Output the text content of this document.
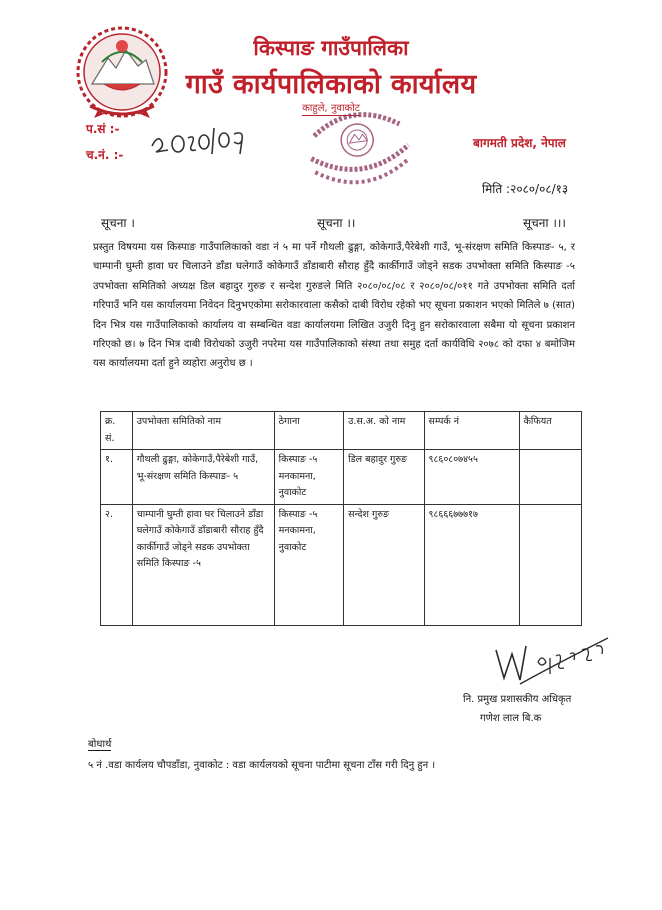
किस्पाङ गाउँपालिका
गाउँ कार्यपालिकाको कार्यालय
काहुले, नुवाकोट
प.सं :-
च.नं. :-
बागमती प्रदेश, नेपाल
मिति :२०८०/०८/१३
सूचना ।	सूचना ।।	सूचना ।।।
प्रस्तुत विषयमा यस किस्पाङ गाउँपालिकाको वडा नं ५ मा पर्ने गौथली ढुङ्गा, कोकेगाउँ,पैरेबेशी गाउँ, भू-संरक्षण समिति किस्पाङ- ५, र चाम्पानी घुम्ती हावा घर चिलाउने डाँडा घलेगाउँ कोकेगाउँ डाँडाबारी सौराह हुँदै कार्कीगाउँ जोड्ने सडक उपभोक्ता समिति किस्पाङ -५ उपभोक्ता समितिको अध्यक्ष डिल बहादुर गुरुङ र सन्देश गुरुङले मिति २०८०/०८/०८ र २०८०/०८/०११ गते उपभोक्ता समिति दर्ता गरिपाउँ भनि यस कार्यालयमा निवेदन दिनुभएकोमा सरोकारवाला कसैको दाबी विरोध रहेको भए सूचना प्रकाशन भएको मितिले ७ (सात) दिन भित्र यस गाउँपालिकाको कार्यालय वा सम्बन्धित वडा कार्यालयमा लिखित उजुरी दिनु हुन सरोकारवाला सबैमा यो सूचना प्रकाशन गरिएको छ। ७ दिन भित्र दाबी विरोधको उजुरी नपरेमा यस गाउँपालिकाको संस्था तथा समुह दर्ता कार्यविधि २०७८ को दफा ४ बमोजिम यस कार्यालयमा दर्ता हुने व्यहोरा अनुरोध छ ।
क्र. सं.	उपभोक्ता समितिको नाम	ठेगाना	उ.स.अ. को नाम	सम्पर्क नं	कैफियत
१.	गौथली ढुङ्गा, कोकेगाउँ,पैरेबेशी गाउँ, भू-संरक्षण समिति किस्पाङ- ५	किस्पाङ -५ मनकामना, नुवाकोट	डिल बहादुर गुरुङ	९८६०८०७४५५	
२.	चाम्पानी घुम्ती हावा घर चिलाउने डाँडा घलेगाउँ कोकेगाउँ डाँडाबारी सौराह हुँदै कार्कीगाउँ जोड्ने सडक उपभोक्ता समिति किस्पाङ -५	किस्पाङ -५ मनकामना, नुवाकोट	सन्देश गुरुङ	९८६६६७७७१७	
नि. प्रमुख प्रशासकीय अधिकृत
गणेश लाल बि.क
बोधार्थ
५ नं .वडा कार्यलय चौपडाँडा, नुवाकोट : वडा कार्यलयको सूचना पाटीमा सूचना टाँस गरी दिनु हुन ।
